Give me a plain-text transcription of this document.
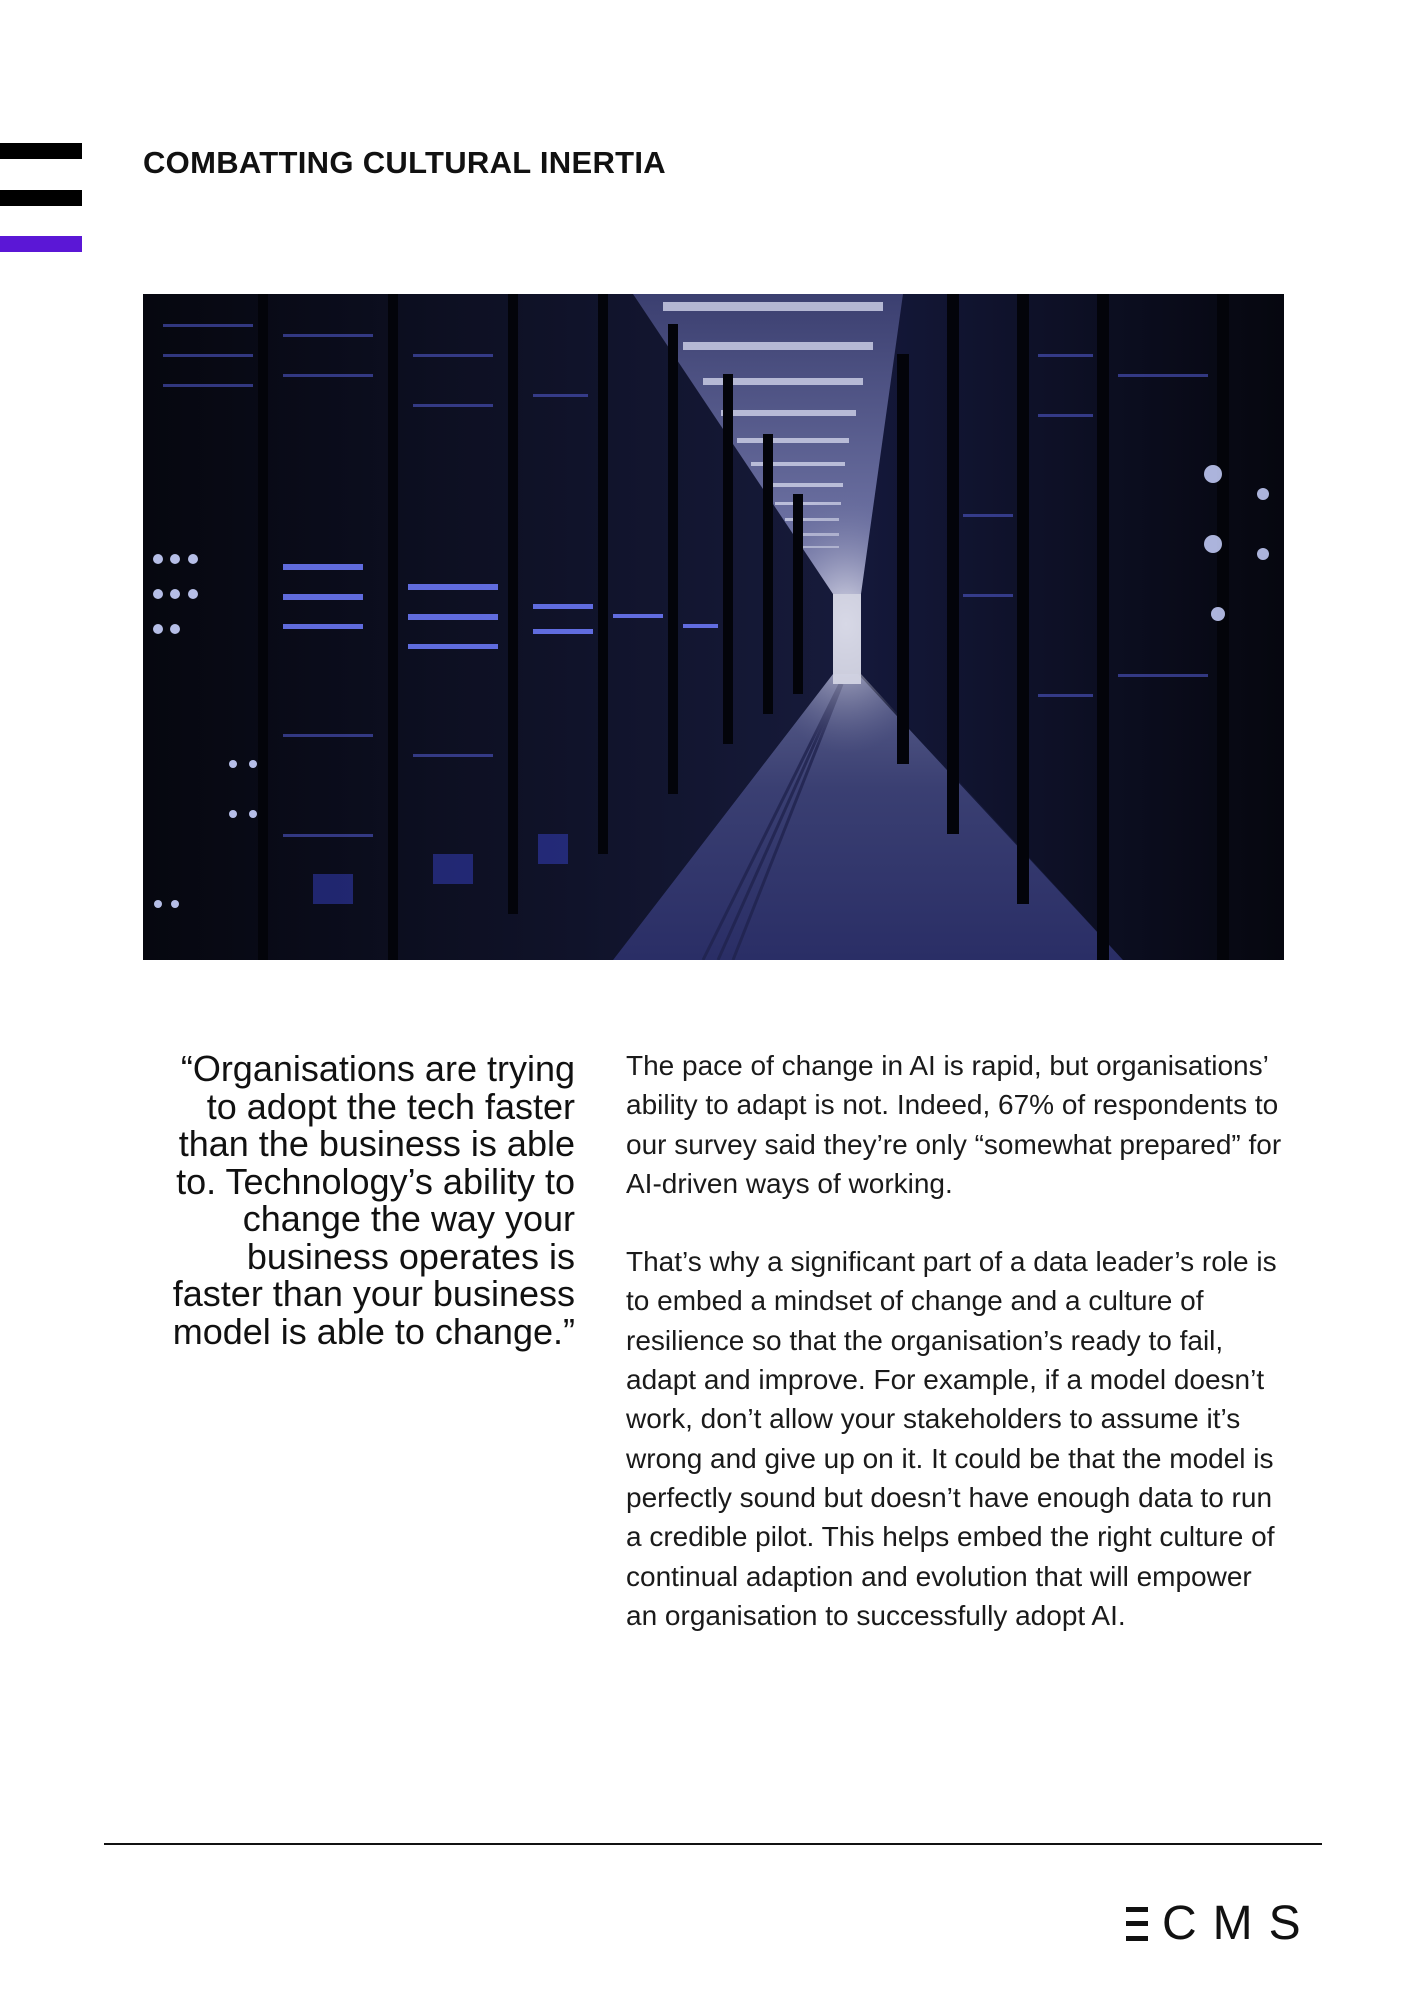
COMBATTING CULTURAL INERTIA

“Organisations are trying to adopt the tech faster than the business is able to. Technology’s ability to change the way your business operates is faster than your business model is able to change.”

The pace of change in AI is rapid, but organisations’ ability to adapt is not. Indeed, 67% of respondents to our survey said they’re only “somewhat prepared” for AI-driven ways of working.

That’s why a significant part of a data leader’s role is to embed a mindset of change and a culture of resilience so that the organisation’s ready to fail, adapt and improve. For example, if a model doesn’t work, don’t allow your stakeholders to assume it’s wrong and give up on it. It could be that the model is perfectly sound but doesn’t have enough data to run a credible pilot. This helps embed the right culture of continual adaption and evolution that will empower an organisation to successfully adopt AI.

CMS
